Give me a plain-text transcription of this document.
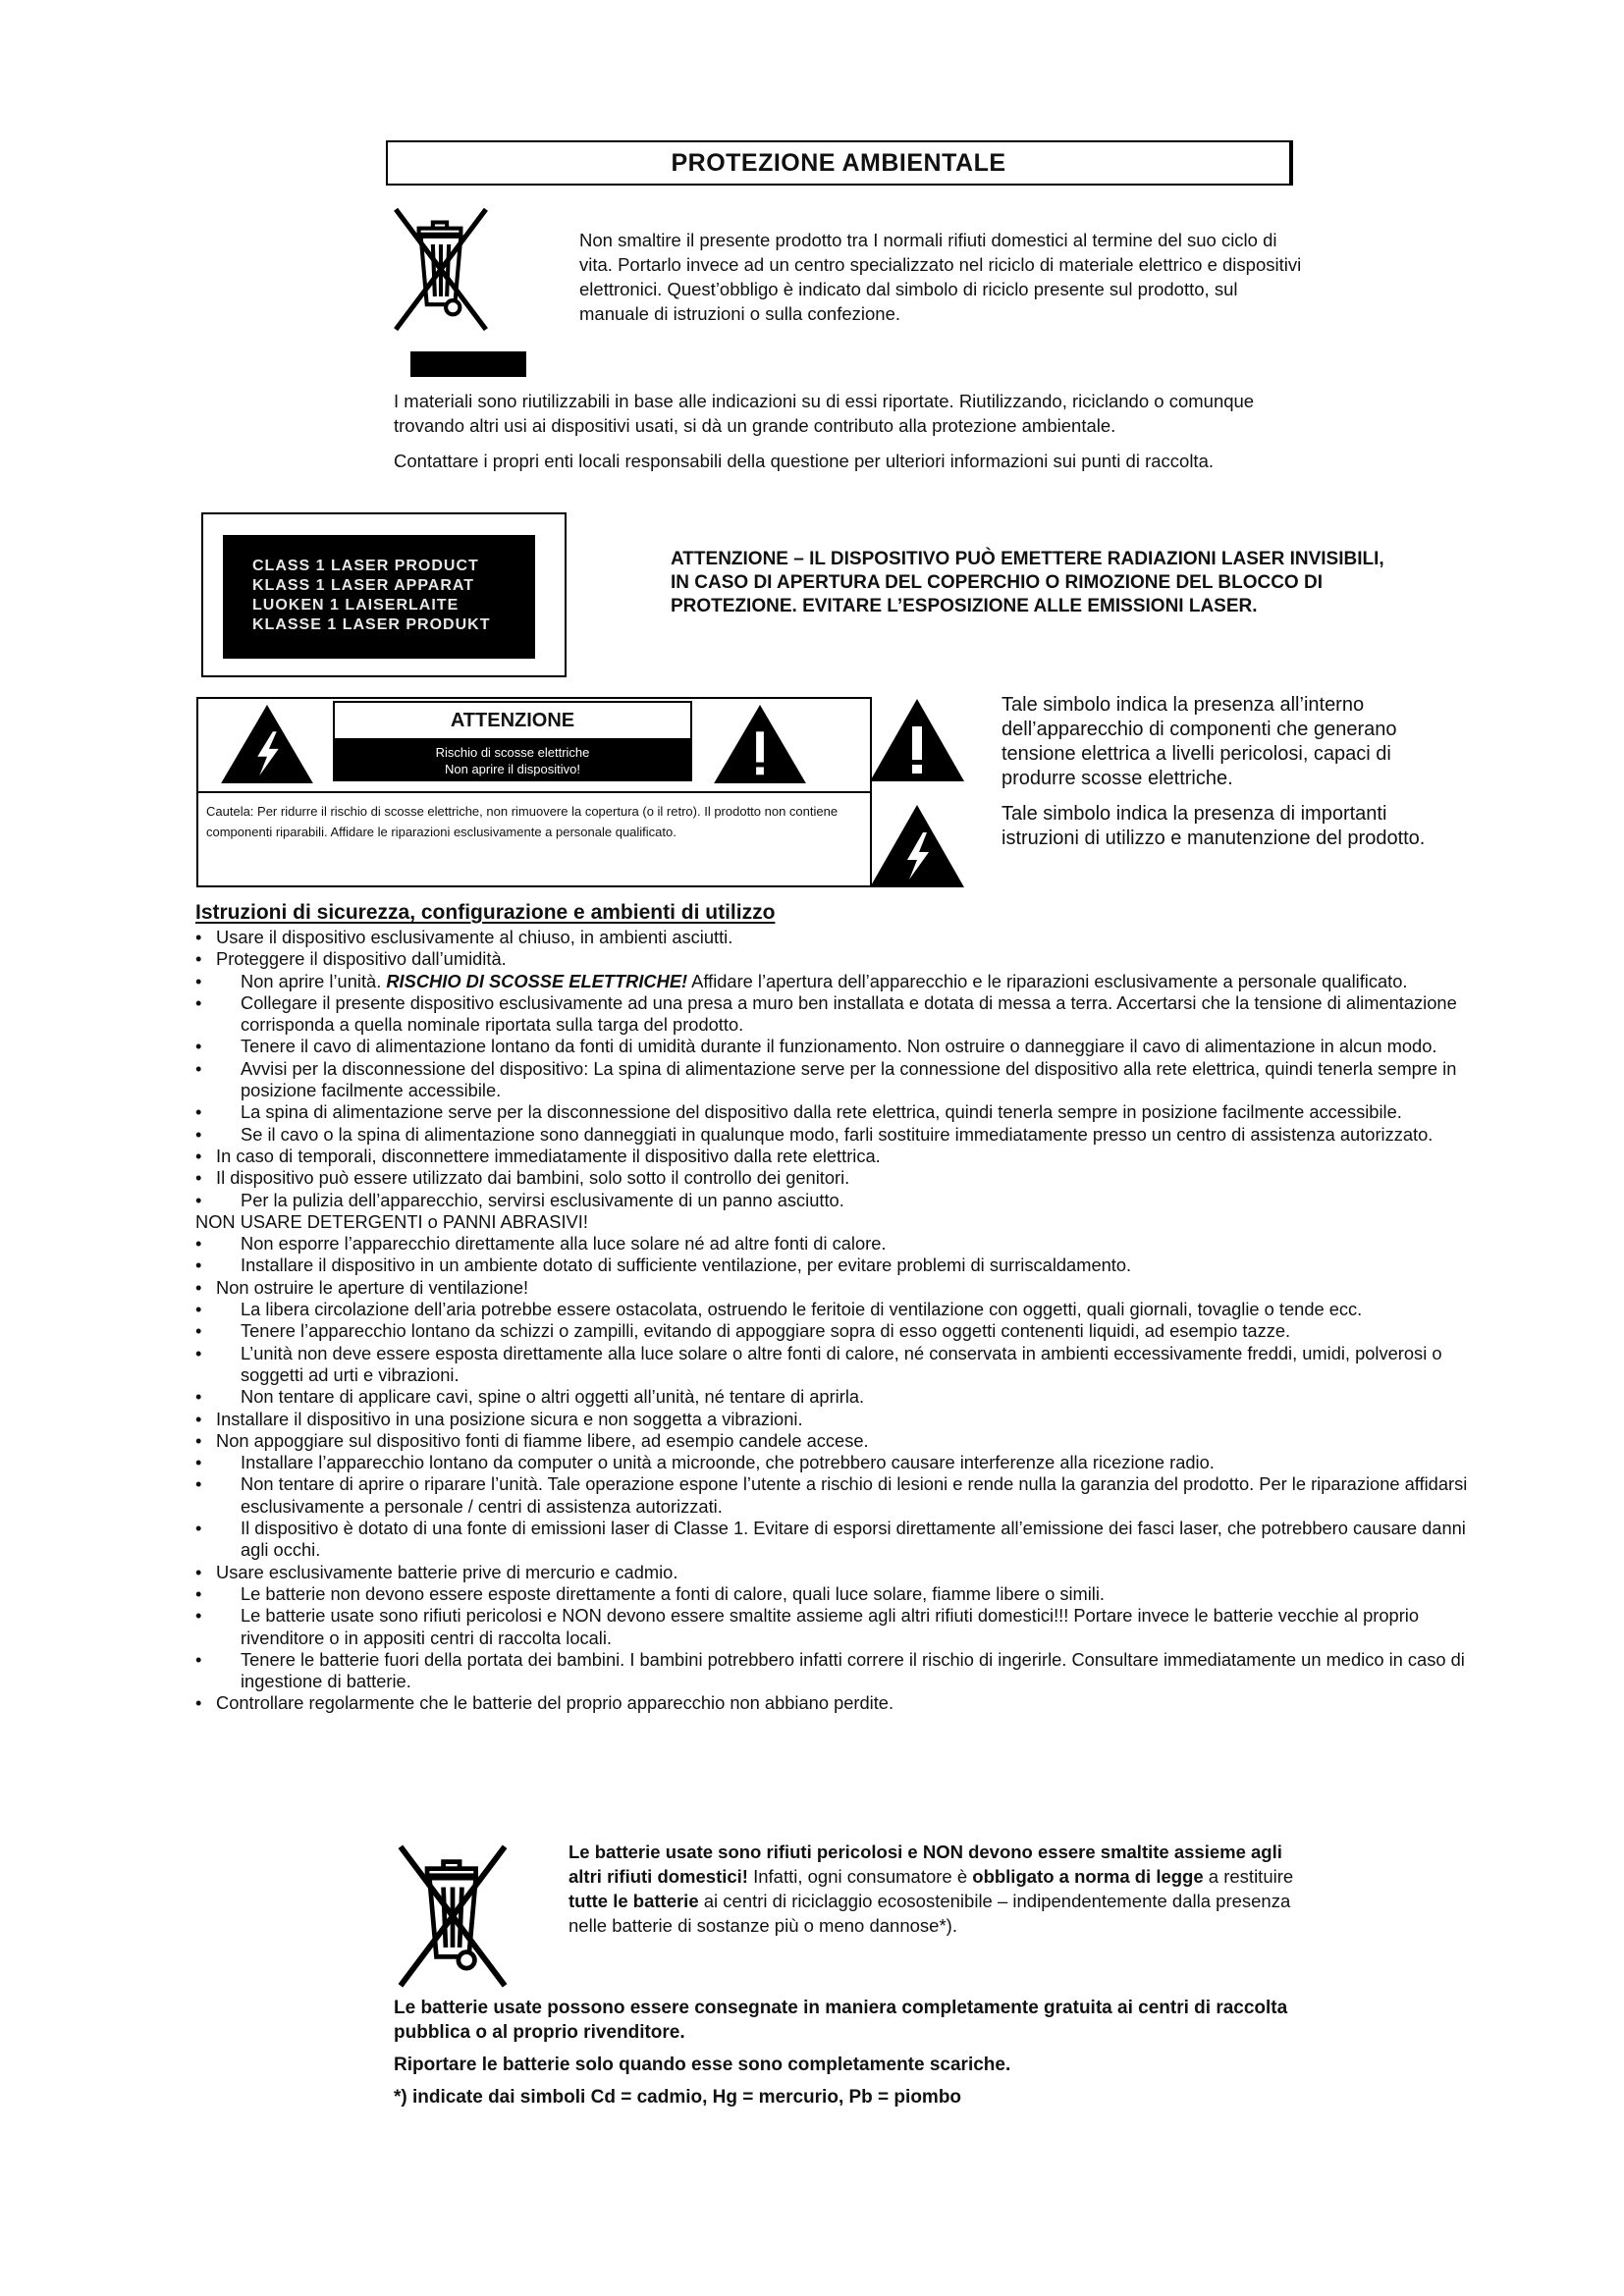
PROTEZIONE AMBIENTALE
Non smaltire il presente prodotto tra I normali rifiuti domestici al termine del suo ciclo di vita. Portarlo invece ad un centro specializzato nel riciclo di materiale elettrico e dispositivi elettronici. Quest’obbligo è indicato dal simbolo di riciclo presente sul prodotto, sul manuale di istruzioni o sulla confezione.
I materiali sono riutilizzabili in base alle indicazioni su di essi riportate. Riutilizzando, riciclando o comunque trovando altri usi ai dispositivi usati, si dà un grande contributo alla protezione ambientale.
Contattare i propri enti locali responsabili della questione per ulteriori informazioni sui punti di raccolta.
CLASS 1 LASER PRODUCT
KLASS 1 LASER APPARAT
LUOKEN 1 LAISERLAITE
KLASSE 1 LASER PRODUKT
ATTENZIONE – IL DISPOSITIVO PUÒ EMETTERE RADIAZIONI LASER INVISIBILI, IN CASO DI APERTURA DEL COPERCHIO O RIMOZIONE DEL BLOCCO DI PROTEZIONE. EVITARE L’ESPOSIZIONE ALLE EMISSIONI LASER.
ATTENZIONE
Rischio di scosse elettriche
Non aprire il dispositivo!
Cautela: Per ridurre il rischio di scosse elettriche, non rimuovere la copertura (o il retro). Il prodotto non contiene componenti riparabili. Affidare le riparazioni esclusivamente a personale qualificato.
Tale simbolo indica la presenza all’interno dell’apparecchio di componenti che generano tensione elettrica a livelli pericolosi, capaci di produrre scosse elettriche.
Tale simbolo indica la presenza di importanti istruzioni di utilizzo e manutenzione del prodotto.
Istruzioni di sicurezza, configurazione e ambienti di utilizzo
• Usare il dispositivo esclusivamente al chiuso, in ambienti asciutti.
• Proteggere il dispositivo dall’umidità.
• Non aprire l’unità. RISCHIO DI SCOSSE ELETTRICHE! Affidare l’apertura dell’apparecchio e le riparazioni esclusivamente a personale qualificato.
• Collegare il presente dispositivo esclusivamente ad una presa a muro ben installata e dotata di messa a terra. Accertarsi che la tensione di alimentazione corrisponda a quella nominale riportata sulla targa del prodotto.
• Tenere il cavo di alimentazione lontano da fonti di umidità durante il funzionamento. Non ostruire o danneggiare il cavo di alimentazione in alcun modo.
• Avvisi per la disconnessione del dispositivo: La spina di alimentazione serve per la connessione del dispositivo alla rete elettrica, quindi tenerla sempre in posizione facilmente accessibile.
• La spina di alimentazione serve per la disconnessione del dispositivo dalla rete elettrica, quindi tenerla sempre in posizione facilmente accessibile.
• Se il cavo o la spina di alimentazione sono danneggiati in qualunque modo, farli sostituire immediatamente presso un centro di assistenza autorizzato.
• In caso di temporali, disconnettere immediatamente il dispositivo dalla rete elettrica.
• Il dispositivo può essere utilizzato dai bambini, solo sotto il controllo dei genitori.
• Per la pulizia dell’apparecchio, servirsi esclusivamente di un panno asciutto.
NON USARE DETERGENTI o PANNI ABRASIVI!
• Non esporre l’apparecchio direttamente alla luce solare né ad altre fonti di calore.
• Installare il dispositivo in un ambiente dotato di sufficiente ventilazione, per evitare problemi di surriscaldamento.
• Non ostruire le aperture di ventilazione!
• La libera circolazione dell’aria potrebbe essere ostacolata, ostruendo le feritoie di ventilazione con oggetti, quali giornali, tovaglie o tende ecc.
• Tenere l’apparecchio lontano da schizzi o zampilli, evitando di appoggiare sopra di esso oggetti contenenti liquidi, ad esempio tazze.
• L’unità non deve essere esposta direttamente alla luce solare o altre fonti di calore, né conservata in ambienti eccessivamente freddi, umidi, polverosi o soggetti ad urti e vibrazioni.
• Non tentare di applicare cavi, spine o altri oggetti all’unità, né tentare di aprirla.
• Installare il dispositivo in una posizione sicura e non soggetta a vibrazioni.
• Non appoggiare sul dispositivo fonti di fiamme libere, ad esempio candele accese.
• Installare l’apparecchio lontano da computer o unità a microonde, che potrebbero causare interferenze alla ricezione radio.
• Non tentare di aprire o riparare l’unità. Tale operazione espone l’utente a rischio di lesioni e rende nulla la garanzia del prodotto. Per le riparazione affidarsi esclusivamente a personale / centri di assistenza autorizzati.
• Il dispositivo è dotato di una fonte di emissioni laser di Classe 1. Evitare di esporsi direttamente all’emissione dei fasci laser, che potrebbero causare danni agli occhi.
• Usare esclusivamente batterie prive di mercurio e cadmio.
• Le batterie non devono essere esposte direttamente a fonti di calore, quali luce solare, fiamme libere o simili.
• Le batterie usate sono rifiuti pericolosi e NON devono essere smaltite assieme agli altri rifiuti domestici!!! Portare invece le batterie vecchie al proprio rivenditore o in appositi centri di raccolta locali.
• Tenere le batterie fuori della portata dei bambini. I bambini potrebbero infatti correre il rischio di ingerirle. Consultare immediatamente un medico in caso di ingestione di batterie.
• Controllare regolarmente che le batterie del proprio apparecchio non abbiano perdite.
Le batterie usate sono rifiuti pericolosi e NON devono essere smaltite assieme agli altri rifiuti domestici! Infatti, ogni consumatore è obbligato a norma di legge a restituire tutte le batterie ai centri di riciclaggio ecosostenibile – indipendentemente dalla presenza nelle batterie di sostanze più o meno dannose*).
Le batterie usate possono essere consegnate in maniera completamente gratuita ai centri di raccolta pubblica o al proprio rivenditore.
Riportare le batterie solo quando esse sono completamente scariche.
*) indicate dai simboli Cd = cadmio, Hg = mercurio, Pb = piombo
